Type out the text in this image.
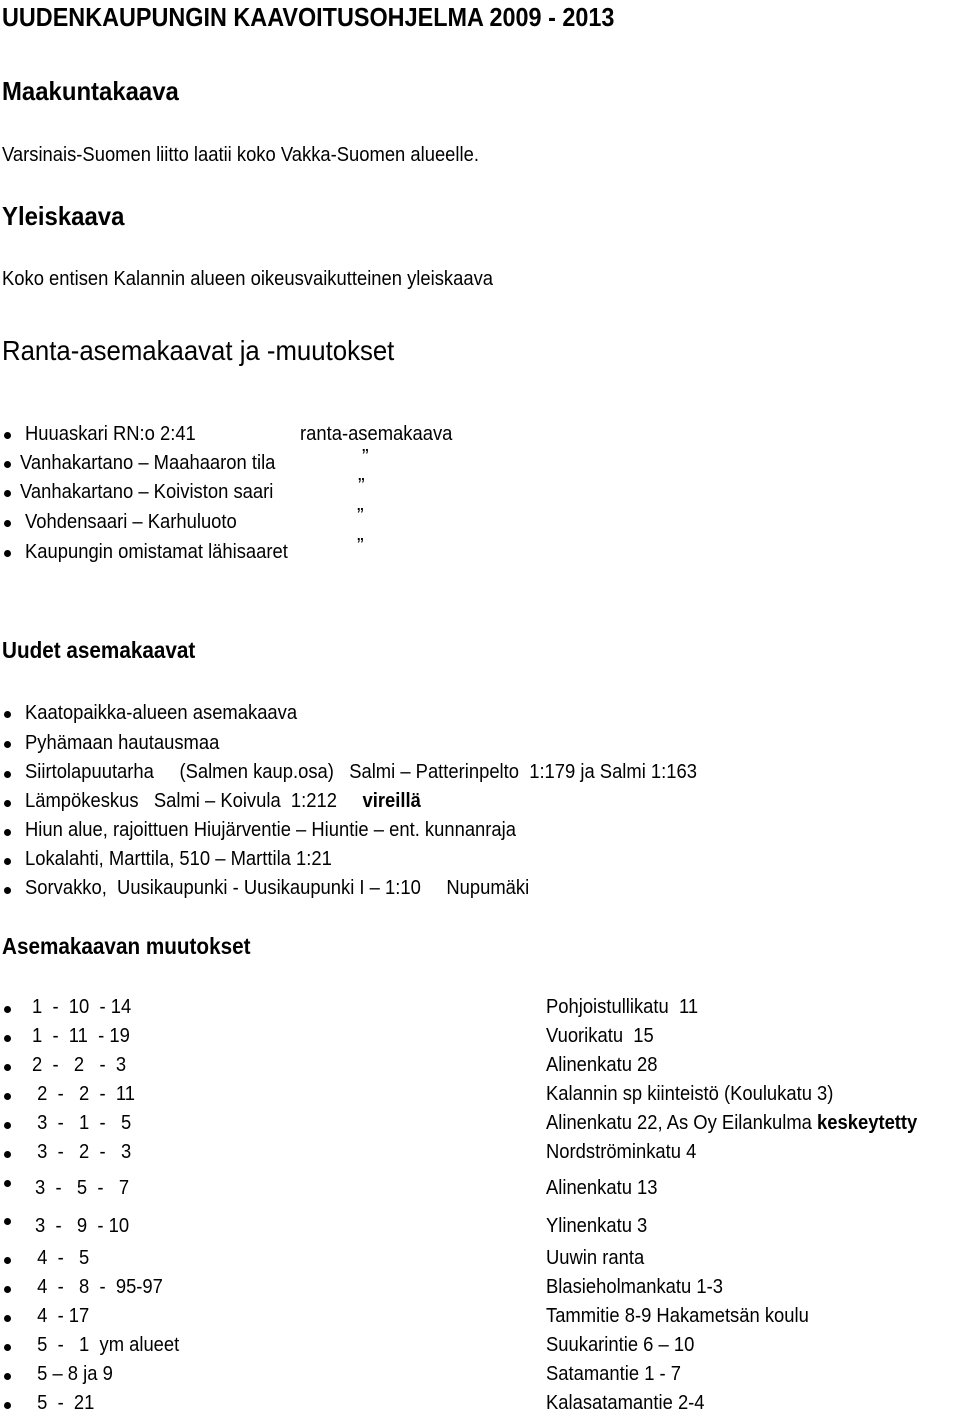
UUDENKAUPUNGIN KAAVOITUSOHJELMA 2009 - 2013
Maakuntakaava
Varsinais-Suomen liitto laatii koko Vakka-Suomen alueelle.
Yleiskaava
Koko entisen Kalannin alueen oikeusvaikutteinen yleiskaava
Ranta-asemakaavat ja -muutokset
Huuaskari RN:o 2:41	ranta-asemakaava
Vanhakartano – Maahaaron tila	”
Vanhakartano – Koiviston saari	”
Vohdensaari – Karhuluoto	”
Kaupungin omistamat lähisaaret	”
Uudet asemakaavat
Kaatopaikka-alueen asemakaava
Pyhämaan hautausmaa
Siirtolapuutarha     (Salmen kaup.osa)   Salmi – Patterinpelto  1:179 ja Salmi 1:163
Lämpökeskus   Salmi – Koivula  1:212     vireillä
Hiun alue, rajoittuen Hiujärventie – Hiuntie – ent. kunnanraja
Lokalahti, Marttila, 510 – Marttila 1:21
Sorvakko,  Uusikaupunki - Uusikaupunki I – 1:10     Nupumäki
Asemakaavan muutokset
1  -  10  - 14	Pohjoistullikatu  11
1  -  11  - 19	Vuorikatu  15
2  -   2   -  3	Alinenkatu 28
2  -   2  -  11	Kalannin sp kiinteistö (Koulukatu 3)
3  -   1  -   5	Alinenkatu 22, As Oy Eilankulma keskeytetty
3  -   2  -   3	Nordströminkatu 4
3  -   5  -   7	Alinenkatu 13
3  -   9  - 10	Ylinenkatu 3
4  -   5	Uuwin ranta
4  -   8  -  95-97	Blasieholmankatu 1-3
4  - 17	Tammitie 8-9 Hakametsän koulu
5  -   1  ym alueet	Suukarintie 6 – 10
5 – 8 ja 9	Satamantie 1 - 7
5  -  21	Kalasatamantie 2-4
